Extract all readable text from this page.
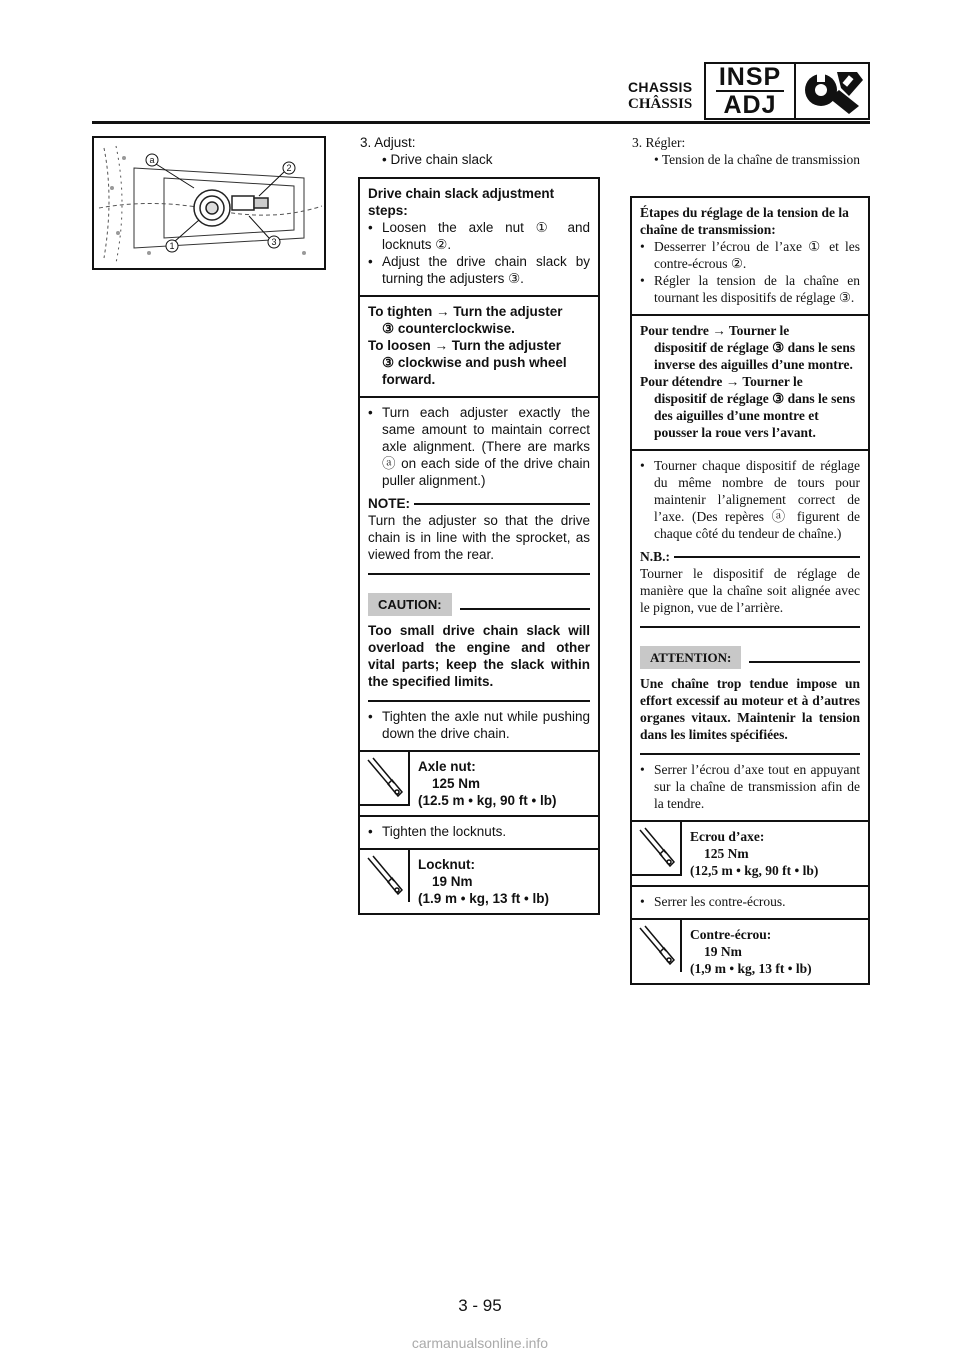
CHASSIS
CHÂSSIS
INSP
ADJ
a
1
2
3
3. Adjust:
• Drive chain slack
Drive chain slack adjustment steps:
• Loosen the axle nut ① and locknuts ②.
• Adjust the drive chain slack by turning the adjusters ③.
To tighten → Turn the adjuster
③ counterclockwise.
To loosen → Turn the adjuster
③ clockwise and push wheel forward.
• Turn each adjuster exactly the same amount to maintain correct axle alignment. (There are marks ⓐ on each side of the drive chain puller alignment.)
NOTE:
Turn the adjuster so that the drive chain is in line with the sprocket, as viewed from the rear.
CAUTION:
Too small drive chain slack will overload the engine and other vital parts; keep the slack within the specified limits.
• Tighten the axle nut while pushing down the drive chain.
Axle nut:
125 Nm
(12.5 m • kg, 90 ft • lb)
• Tighten the locknuts.
Locknut:
19 Nm
(1.9 m • kg, 13 ft • lb)
3. Régler:
• Tension de la chaîne de transmission
Étapes du réglage de la tension de la chaîne de transmission:
• Desserrer l’écrou de l’axe ① et les contre-écrous ②.
• Régler la tension de la chaîne en tournant les dispositifs de réglage ③.
Pour tendre → Tourner le
dispositif de réglage ③ dans le sens inverse des aiguilles d’une montre.
Pour détendre → Tourner le
dispositif de réglage ③ dans le sens des aiguilles d’une montre et pousser la roue vers l’avant.
• Tourner chaque dispositif de réglage du même nombre de tours pour maintenir l’alignement correct de l’axe. (Des repères ⓐ figurent de chaque côté du tendeur de chaîne.)
N.B.:
Tourner le dispositif de réglage de manière que la chaîne soit alignée avec le pignon, vue de l’arrière.
ATTENTION:
Une chaîne trop tendue impose un effort excessif au moteur et à d’autres organes vitaux. Maintenir la tension dans les limites spécifiées.
• Serrer l’écrou d’axe tout en appuyant sur la chaîne de transmission afin de la tendre.
Ecrou d’axe:
125 Nm
(12,5 m • kg, 90 ft • lb)
• Serrer les contre-écrous.
Contre-écrou:
19 Nm
(1,9 m • kg, 13 ft • lb)
3 - 95
carmanualsonline.info
